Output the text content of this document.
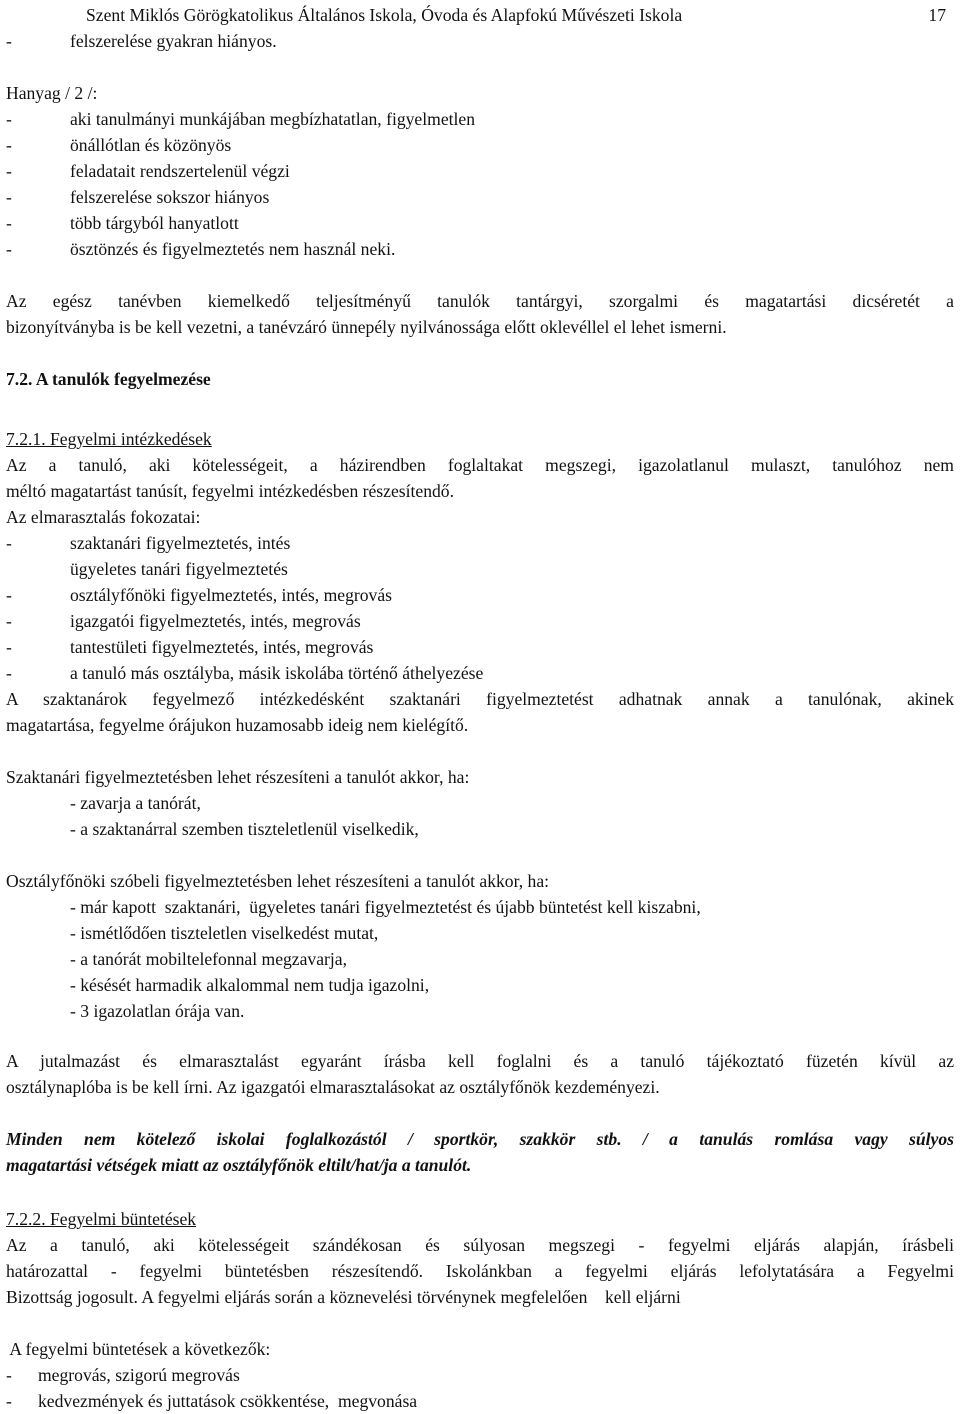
Szent Miklós Görögkatolikus Általános Iskola, Óvoda és Alapfokú Művészeti Iskola	17
-	felszerelése gyakran hiányos.
Hanyag / 2 /:
-	aki tanulmányi munkájában megbízhatatlan, figyelmetlen
-	önállótlan és közönyös
-	feladatait rendszertelenül végzi
-	felszerelése sokszor hiányos
-	több tárgyból hanyatlott
-	ösztönzés és figyelmeztetés nem használ neki.
Az egész tanévben kiemelkedő teljesítményű tanulók tantárgyi, szorgalmi és magatartási dicséretét a
bizonyítványba is be kell vezetni, a tanévzáró ünnepély nyilvánossága előtt oklevéllel el lehet ismerni.
7.2. A tanulók fegyelmezése
7.2.1. Fegyelmi intézkedések
Az a tanuló, aki kötelességeit, a házirendben foglaltakat megszegi, igazolatlanul mulaszt, tanulóhoz nem
méltó magatartást tanúsít, fegyelmi intézkedésben részesítendő.
Az elmarasztalás fokozatai:
-	szaktanári figyelmeztetés, intés
ügyeletes tanári figyelmeztetés
-	osztályfőnöki figyelmeztetés, intés, megrovás
-	igazgatói figyelmeztetés, intés, megrovás
-	tantestületi figyelmeztetés, intés, megrovás
-	a tanuló más osztályba, másik iskolába történő áthelyezése
A szaktanárok fegyelmező intézkedésként szaktanári figyelmeztetést adhatnak annak a tanulónak, akinek
magatartása, fegyelme órájukon huzamosabb ideig nem kielégítő.
Szaktanári figyelmeztetésben lehet részesíteni a tanulót akkor, ha:
- zavarja a tanórát,
- a szaktanárral szemben tiszteletlenül viselkedik,
Osztályfőnöki szóbeli figyelmeztetésben lehet részesíteni a tanulót akkor, ha:
- már kapott  szaktanári,  ügyeletes tanári figyelmeztetést és újabb büntetést kell kiszabni,
- ismétlődően tiszteletlen viselkedést mutat,
- a tanórát mobiltelefonnal megzavarja,
- késését harmadik alkalommal nem tudja igazolni,
- 3 igazolatlan órája van.
A jutalmazást és elmarasztalást egyaránt írásba kell foglalni és a tanuló tájékoztató füzetén kívül az
osztálynaplóba is be kell írni. Az igazgatói elmarasztalásokat az osztályfőnök kezdeményezi.
Minden nem kötelező iskolai foglalkozástól / sportkör, szakkör stb. / a tanulás romlása vagy súlyos
magatartási vétségek miatt az osztályfőnök eltilt/hat/ja a tanulót.
7.2.2. Fegyelmi büntetések
Az a tanuló, aki kötelességeit szándékosan és súlyosan megszegi - fegyelmi eljárás alapján, írásbeli
határozattal - fegyelmi büntetésben részesítendő. Iskolánkban a fegyelmi eljárás lefolytatására a Fegyelmi
Bizottság jogosult. A fegyelmi eljárás során a köznevelési törvénynek megfelelően    kell eljárni
A fegyelmi büntetések a következők:
- megrovás, szigorú megrovás
- kedvezmények és juttatások csökkentése,  megvonása
